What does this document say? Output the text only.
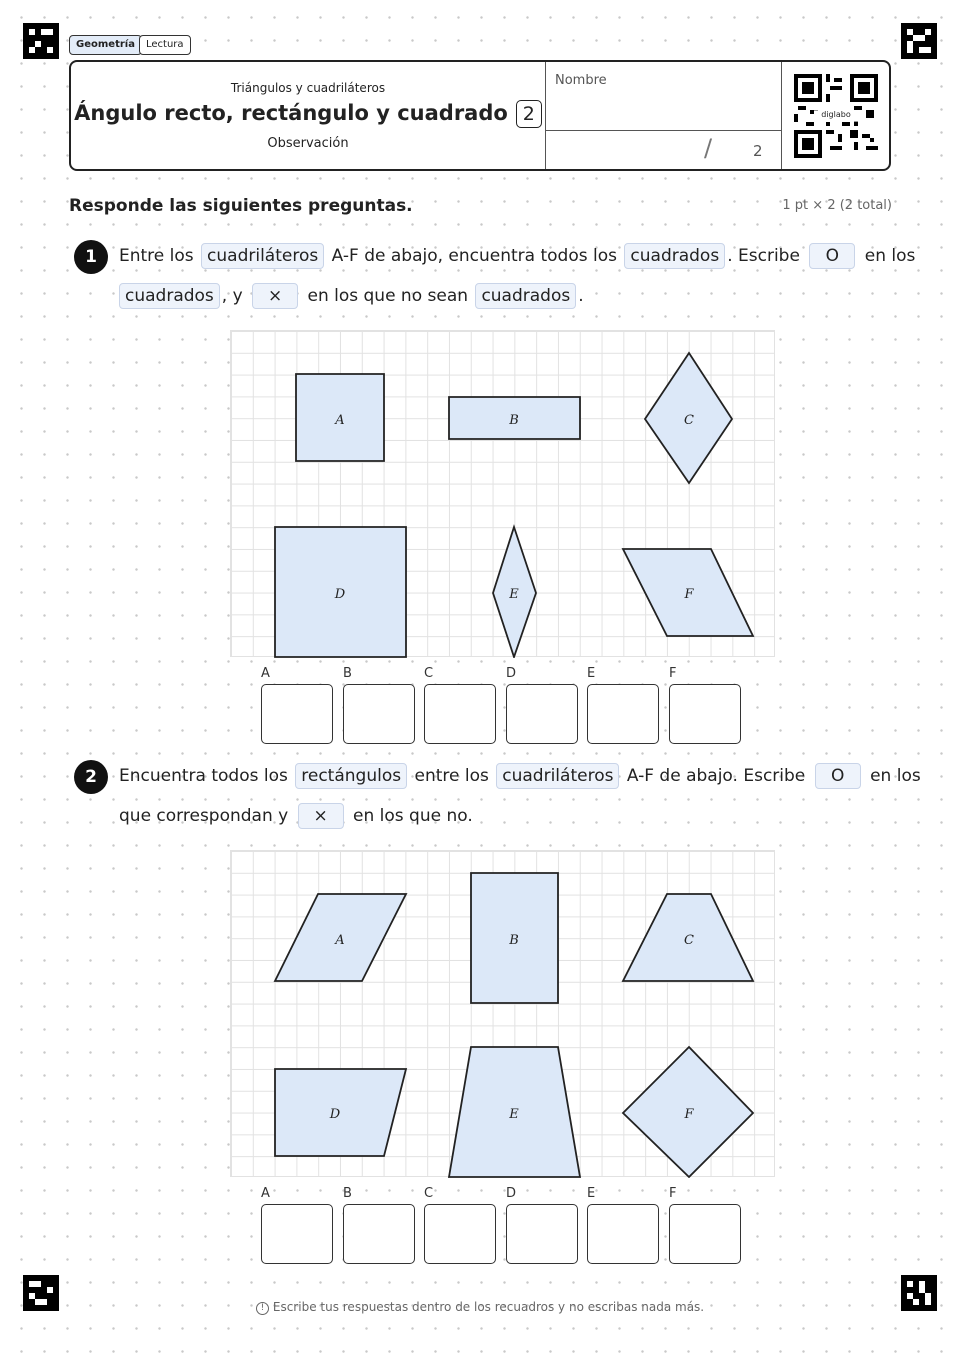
Geometría	Lectura
Triángulos y cuadriláteros
Ángulo recto, rectángulo y cuadrado 2
Observación
Nombre
/	2
diglabo
Responde las siguientes preguntas.	1 pt × 2 (2 total)
1	Entre los cuadriláteros A-F de abajo, encuentra todos los cuadrados . Escribe O en los
cuadrados , y × en los que no sean cuadrados .
A	B	C
D	E	F
A	B	C	D	E	F
2	Encuentra todos los rectángulos entre los cuadriláteros A-F de abajo. Escribe O en los
que correspondan y × en los que no.
A	B	C
D	E	F
A	B	C	D	E	F
! Escribe tus respuestas dentro de los recuadros y no escribas nada más.
